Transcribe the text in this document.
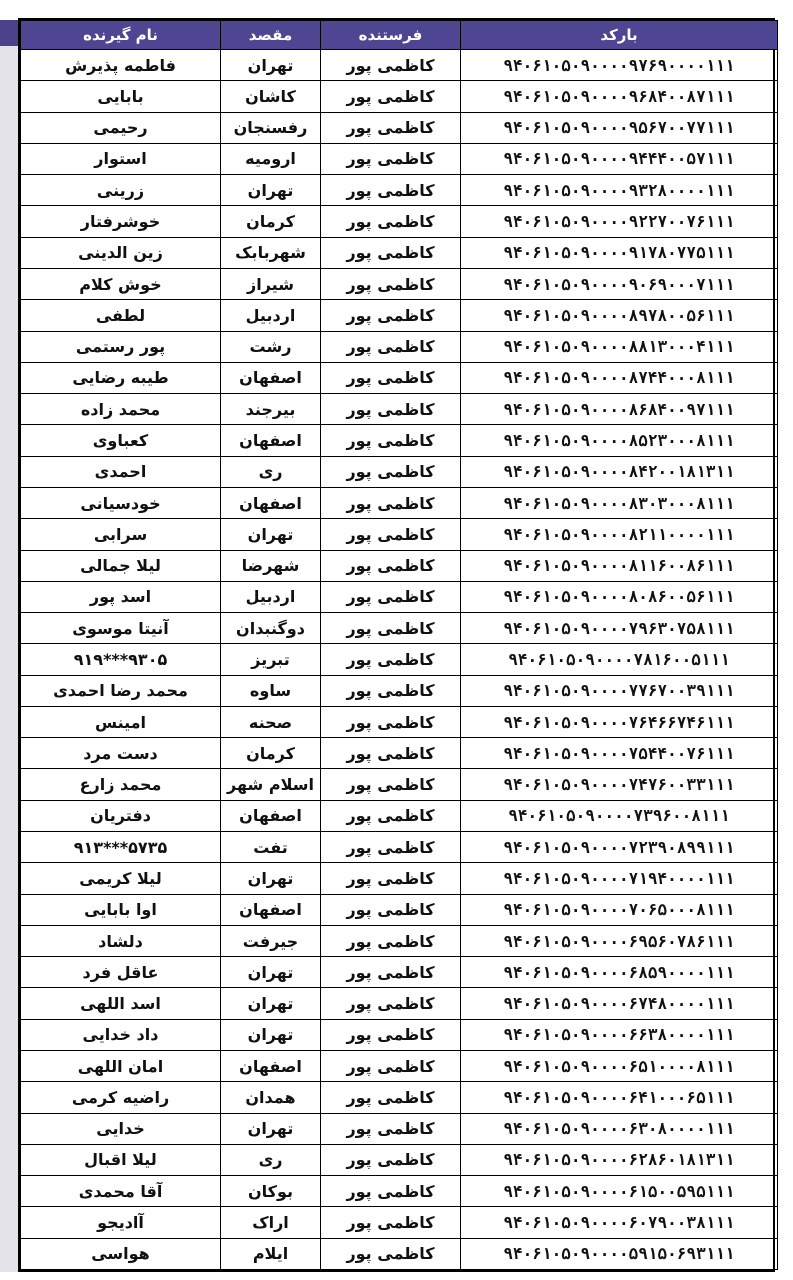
نام گیرنده	مقصد	فرستنده	بارکد
فاطمه پذیرش	تهران	کاظمی پور	۹۴۰۶۱۰۵۰۹۰۰۰۰۹۷۶۹۰۰۰۰۱۱۱
بابایی	کاشان	کاظمی پور	۹۴۰۶۱۰۵۰۹۰۰۰۰۹۶۸۴۰۰۸۷۱۱۱
رحیمی	رفسنجان	کاظمی پور	۹۴۰۶۱۰۵۰۹۰۰۰۰۹۵۶۷۰۰۷۷۱۱۱
استوار	ارومیه	کاظمی پور	۹۴۰۶۱۰۵۰۹۰۰۰۰۹۴۴۴۰۰۵۷۱۱۱
زرینی	تهران	کاظمی پور	۹۴۰۶۱۰۵۰۹۰۰۰۰۹۳۲۸۰۰۰۰۱۱۱
خوشرفتار	کرمان	کاظمی پور	۹۴۰۶۱۰۵۰۹۰۰۰۰۹۲۲۷۰۰۷۶۱۱۱
زین الدینی	شهربابک	کاظمی پور	۹۴۰۶۱۰۵۰۹۰۰۰۰۹۱۷۸۰۷۷۵۱۱۱
خوش کلام	شیراز	کاظمی پور	۹۴۰۶۱۰۵۰۹۰۰۰۰۹۰۶۹۰۰۰۷۱۱۱
لطفی	اردبیل	کاظمی پور	۹۴۰۶۱۰۵۰۹۰۰۰۰۸۹۷۸۰۰۵۶۱۱۱
پور رستمی	رشت	کاظمی پور	۹۴۰۶۱۰۵۰۹۰۰۰۰۸۸۱۳۰۰۰۴۱۱۱
طیبه رضایی	اصفهان	کاظمی پور	۹۴۰۶۱۰۵۰۹۰۰۰۰۸۷۴۴۰۰۰۸۱۱۱
محمد زاده	بیرجند	کاظمی پور	۹۴۰۶۱۰۵۰۹۰۰۰۰۸۶۸۴۰۰۹۷۱۱۱
کعباوی	اصفهان	کاظمی پور	۹۴۰۶۱۰۵۰۹۰۰۰۰۸۵۲۳۰۰۰۸۱۱۱
احمدی	ری	کاظمی پور	۹۴۰۶۱۰۵۰۹۰۰۰۰۸۴۲۰۰۱۸۱۳۱۱
خودسیانی	اصفهان	کاظمی پور	۹۴۰۶۱۰۵۰۹۰۰۰۰۸۳۰۳۰۰۰۸۱۱۱
سرابی	تهران	کاظمی پور	۹۴۰۶۱۰۵۰۹۰۰۰۰۸۲۱۱۰۰۰۰۱۱۱
لیلا جمالی	شهرضا	کاظمی پور	۹۴۰۶۱۰۵۰۹۰۰۰۰۸۱۱۶۰۰۸۶۱۱۱
اسد پور	اردبیل	کاظمی پور	۹۴۰۶۱۰۵۰۹۰۰۰۰۸۰۸۶۰۰۵۶۱۱۱
آنیتا موسوی	دوگنبدان	کاظمی پور	۹۴۰۶۱۰۵۰۹۰۰۰۰۷۹۶۳۰۷۵۸۱۱۱
۹۱۹***۹۳۰۵	تبریز	کاظمی پور	۹۴۰۶۱۰۵۰۹۰۰۰۰۷۸۱۶۰۰۵۱۱۱
محمد رضا احمدی	ساوه	کاظمی پور	۹۴۰۶۱۰۵۰۹۰۰۰۰۷۷۶۷۰۰۳۹۱۱۱
امینس	صحنه	کاظمی پور	۹۴۰۶۱۰۵۰۹۰۰۰۰۷۶۴۶۶۷۴۶۱۱۱
دست مرد	کرمان	کاظمی پور	۹۴۰۶۱۰۵۰۹۰۰۰۰۷۵۴۴۰۰۷۶۱۱۱
محمد زارع	اسلام شهر	کاظمی پور	۹۴۰۶۱۰۵۰۹۰۰۰۰۷۴۷۶۰۰۳۳۱۱۱
دفتریان	اصفهان	کاظمی پور	۹۴۰۶۱۰۵۰۹۰۰۰۰۷۳۹۶۰۰۸۱۱۱
۹۱۳***۵۷۳۵	تفت	کاظمی پور	۹۴۰۶۱۰۵۰۹۰۰۰۰۷۲۳۹۰۸۹۹۱۱۱
لیلا کریمی	تهران	کاظمی پور	۹۴۰۶۱۰۵۰۹۰۰۰۰۷۱۹۴۰۰۰۰۱۱۱
اوا بابایی	اصفهان	کاظمی پور	۹۴۰۶۱۰۵۰۹۰۰۰۰۷۰۶۵۰۰۰۸۱۱۱
دلشاد	جیرفت	کاظمی پور	۹۴۰۶۱۰۵۰۹۰۰۰۰۶۹۵۶۰۷۸۶۱۱۱
عاقل فرد	تهران	کاظمی پور	۹۴۰۶۱۰۵۰۹۰۰۰۰۶۸۵۹۰۰۰۰۱۱۱
اسد اللهی	تهران	کاظمی پور	۹۴۰۶۱۰۵۰۹۰۰۰۰۶۷۴۸۰۰۰۰۱۱۱
داد خدایی	تهران	کاظمی پور	۹۴۰۶۱۰۵۰۹۰۰۰۰۶۶۳۸۰۰۰۰۱۱۱
امان اللهی	اصفهان	کاظمی پور	۹۴۰۶۱۰۵۰۹۰۰۰۰۶۵۱۰۰۰۰۸۱۱۱
راضیه کرمی	همدان	کاظمی پور	۹۴۰۶۱۰۵۰۹۰۰۰۰۶۴۱۰۰۰۶۵۱۱۱
خدایی	تهران	کاظمی پور	۹۴۰۶۱۰۵۰۹۰۰۰۰۶۳۰۸۰۰۰۰۱۱۱
لیلا اقبال	ری	کاظمی پور	۹۴۰۶۱۰۵۰۹۰۰۰۰۶۲۸۶۰۱۸۱۳۱۱
آقا محمدی	بوکان	کاظمی پور	۹۴۰۶۱۰۵۰۹۰۰۰۰۶۱۵۰۰۵۹۵۱۱۱
آادیجو	اراک	کاظمی پور	۹۴۰۶۱۰۵۰۹۰۰۰۰۶۰۷۹۰۰۳۸۱۱۱
هواسی	ایلام	کاظمی پور	۹۴۰۶۱۰۵۰۹۰۰۰۰۵۹۱۵۰۶۹۳۱۱۱
